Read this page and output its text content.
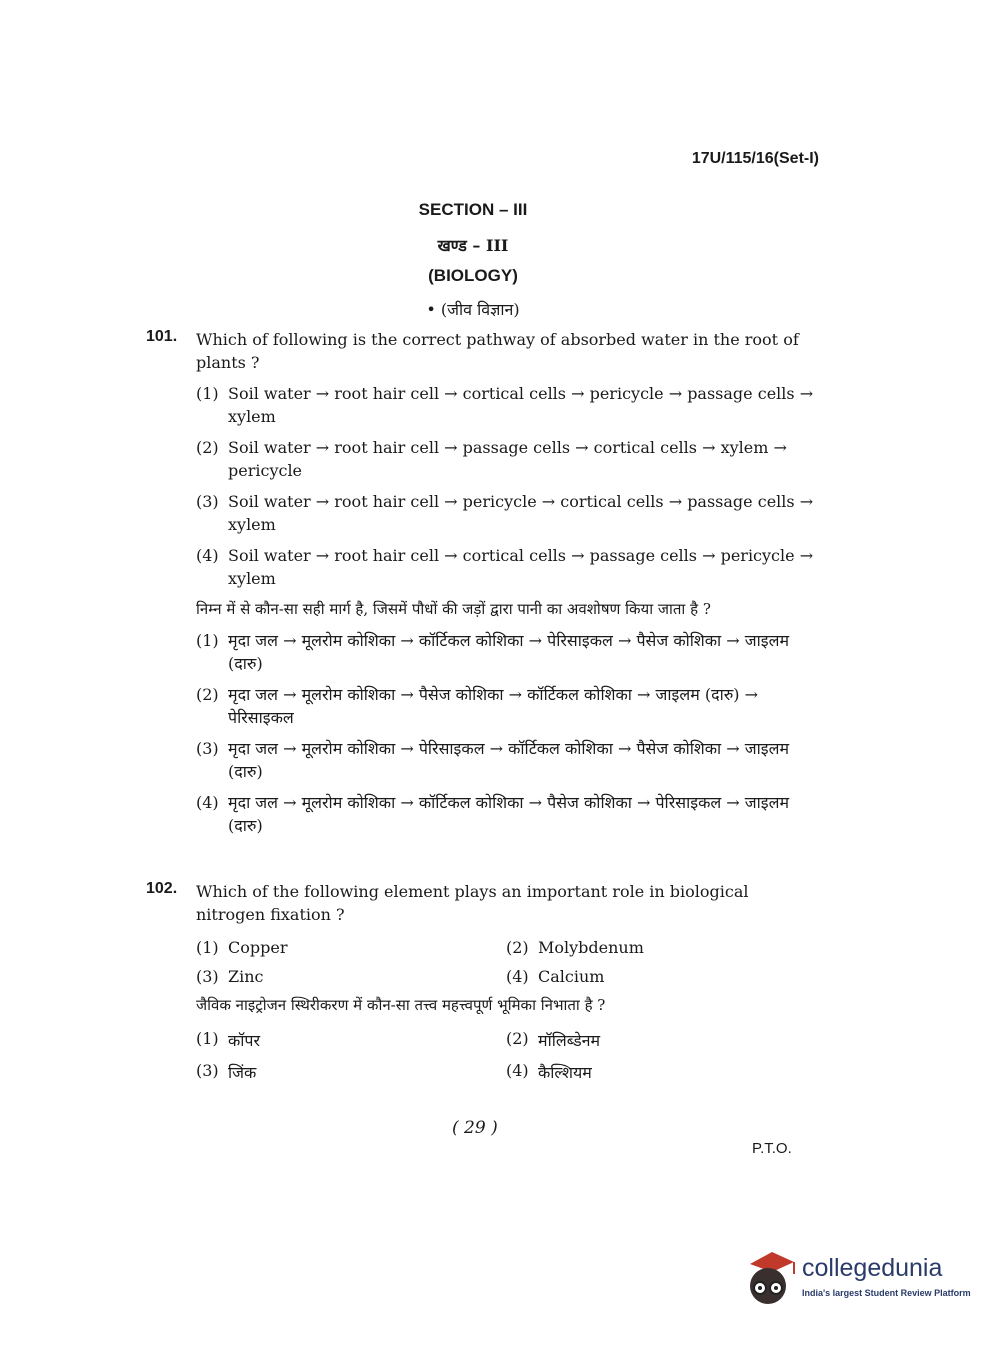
17U/115/16(Set-I)
SECTION – III
खण्ड – III
(BIOLOGY)
• (जीव विज्ञान)
101. Which of following is the correct pathway of absorbed water in the root of plants ?
(1) Soil water → root hair cell → cortical cells → pericycle → passage cells → xylem
(2) Soil water → root hair cell → passage cells → cortical cells → xylem → pericycle
(3) Soil water → root hair cell → pericycle → cortical cells → passage cells → xylem
(4) Soil water → root hair cell → cortical cells → passage cells → pericycle → xylem
निम्न में से कौन-सा सही मार्ग है, जिसमें पौधों की जड़ों द्वारा पानी का अवशोषण किया जाता है ?
(1) मृदा जल → मूलरोम कोशिका → कॉर्टिकल कोशिका → पेरिसाइकल → पैसेज कोशिका → जाइलम (दारु)
(2) मृदा जल → मूलरोम कोशिका → पैसेज कोशिका → कॉर्टिकल कोशिका → जाइलम (दारु) → पेरिसाइकल
(3) मृदा जल → मूलरोम कोशिका → पेरिसाइकल → कॉर्टिकल कोशिका → पैसेज कोशिका → जाइलम (दारु)
(4) मृदा जल → मूलरोम कोशिका → कॉर्टिकल कोशिका → पैसेज कोशिका → पेरिसाइकल → जाइलम (दारु)
102. Which of the following element plays an important role in biological nitrogen fixation ?
(1) Copper	(2) Molybdenum
(3) Zinc	(4) Calcium
जैविक नाइट्रोजन स्थिरीकरण में कौन-सा तत्त्व महत्त्वपूर्ण भूमिका निभाता है ?
(1) कॉपर	(2) मॉलिब्डेनम
(3) जिंक	(4) कैल्शियम
( 29 )
P.T.O.
collegedunia
India's largest Student Review Platform
